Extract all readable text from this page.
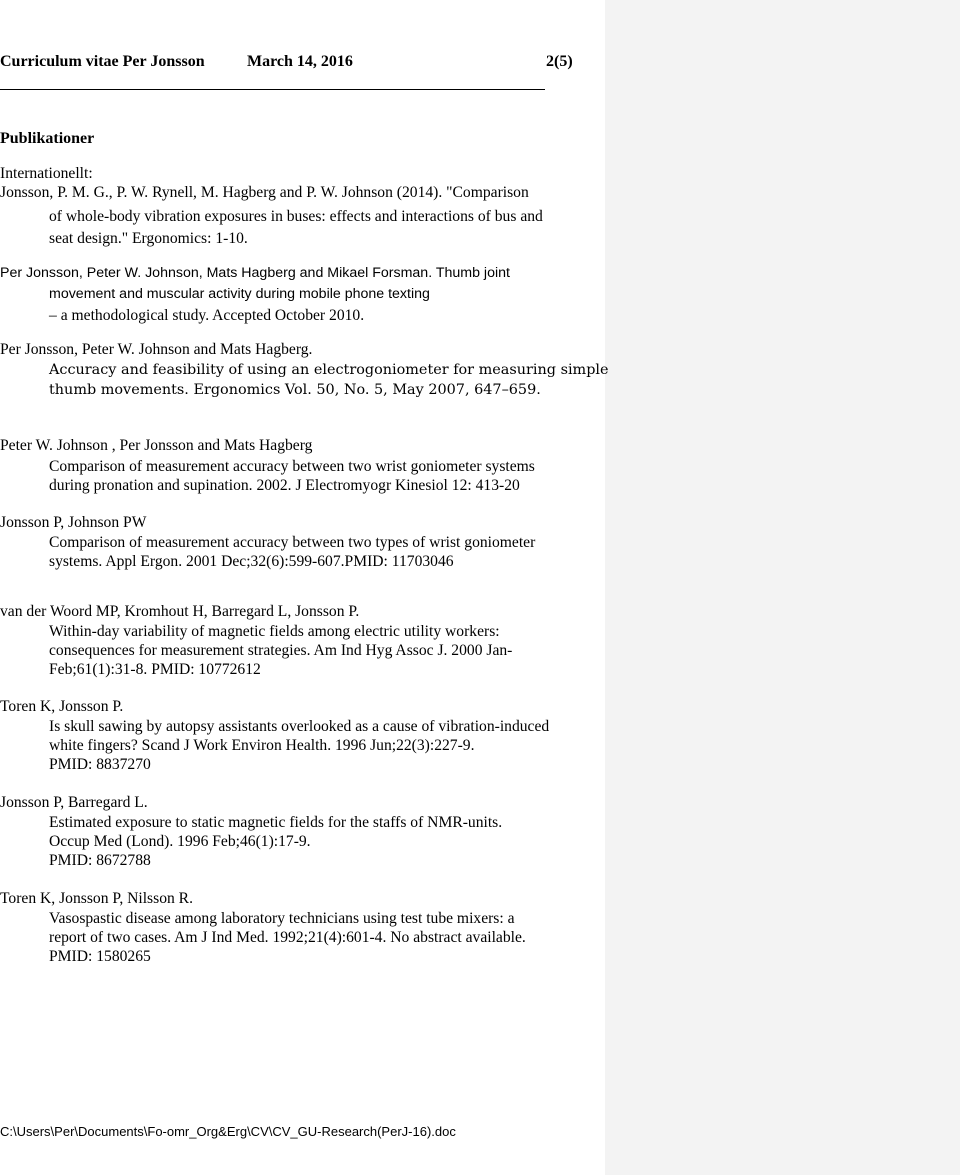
Curriculum vitae Per Jonsson	March 14, 2016	2(5)
Publikationer
Internationellt:
Jonsson, P. M. G., P. W. Rynell, M. Hagberg and P. W. Johnson (2014). "Comparison
of whole-body vibration exposures in buses: effects and interactions of bus and
seat design." Ergonomics: 1-10.
Per Jonsson, Peter W. Johnson, Mats Hagberg and Mikael Forsman. Thumb joint
movement and muscular activity during mobile phone texting
– a methodological study. Accepted October 2010.
Per Jonsson, Peter W. Johnson and Mats Hagberg.
Accuracy and feasibility of using an electrogoniometer for measuring simple
thumb movements. Ergonomics Vol. 50, No. 5, May 2007, 647–659.
Peter W. Johnson , Per Jonsson and Mats Hagberg
Comparison of measurement accuracy between two wrist goniometer systems
during pronation and supination. 2002. J Electromyogr Kinesiol 12: 413-20
Jonsson P, Johnson PW
Comparison of measurement accuracy between two types of wrist goniometer
systems. Appl Ergon. 2001 Dec;32(6):599-607.PMID: 11703046
van der Woord MP, Kromhout H, Barregard L, Jonsson P.
Within-day variability of magnetic fields among electric utility workers:
consequences for measurement strategies. Am Ind Hyg Assoc J. 2000 Jan-
Feb;61(1):31-8. PMID: 10772612
Toren K, Jonsson P.
Is skull sawing by autopsy assistants overlooked as a cause of vibration-induced
white fingers? Scand J Work Environ Health. 1996 Jun;22(3):227-9.
PMID: 8837270
Jonsson P, Barregard L.
Estimated exposure to static magnetic fields for the staffs of NMR-units.
Occup Med (Lond). 1996 Feb;46(1):17-9.
PMID: 8672788
Toren K, Jonsson P, Nilsson R.
Vasospastic disease among laboratory technicians using test tube mixers: a
report of two cases. Am J Ind Med. 1992;21(4):601-4. No abstract available.
PMID: 1580265
C:\Users\Per\Documents\Fo-omr_Org&Erg\CV\CV_GU-Research(PerJ-16).doc
